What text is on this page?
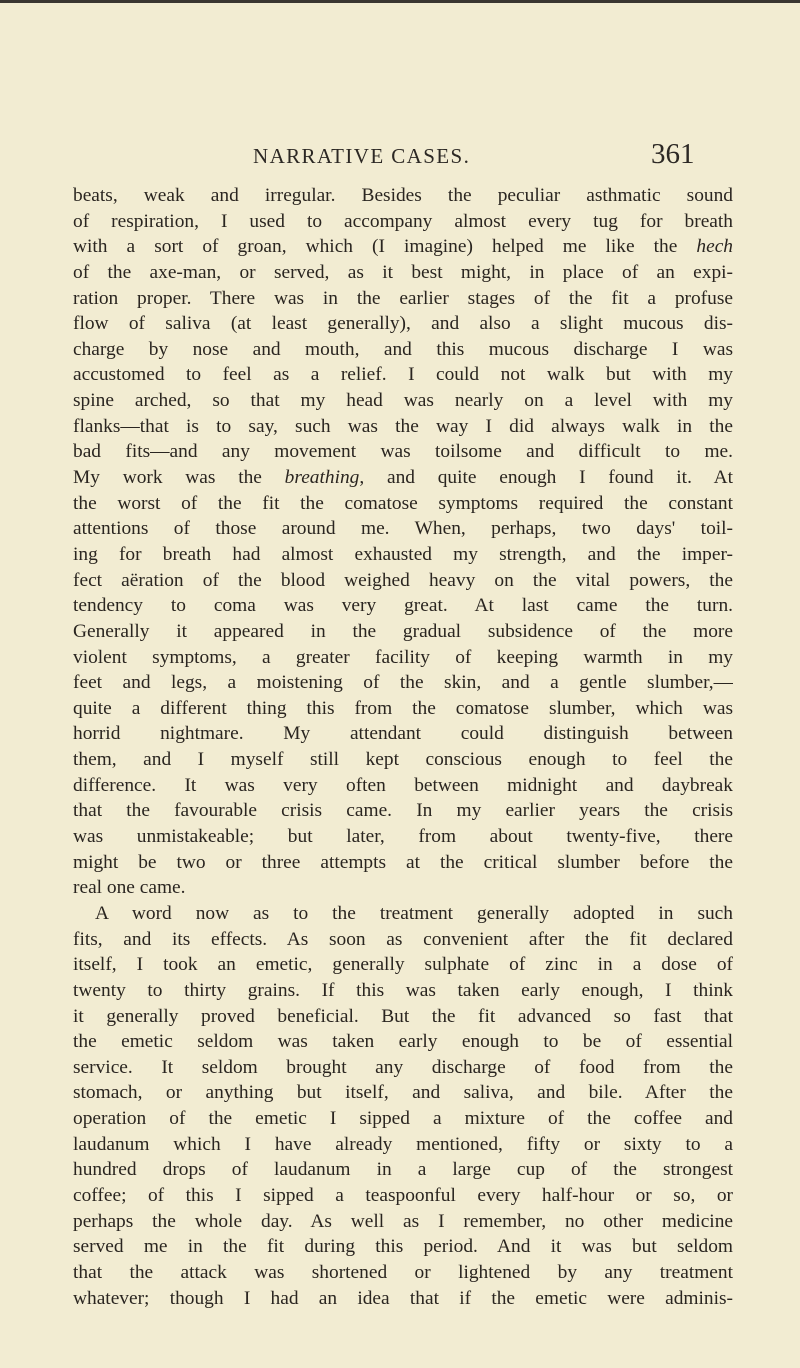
NARRATIVE CASES.	361
beats, weak and irregular. Besides the peculiar asthmatic sound
of respiration, I used to accompany almost every tug for breath
with a sort of groan, which (I imagine) helped me like the hech
of the axe-man, or served, as it best might, in place of an expi-
ration proper. There was in the earlier stages of the fit a profuse
flow of saliva (at least generally), and also a slight mucous dis-
charge by nose and mouth, and this mucous discharge I was
accustomed to feel as a relief. I could not walk but with my
spine arched, so that my head was nearly on a level with my
flanks—that is to say, such was the way I did always walk in the
bad fits—and any movement was toilsome and difficult to me.
My work was the breathing, and quite enough I found it. At
the worst of the fit the comatose symptoms required the constant
attentions of those around me. When, perhaps, two days' toil-
ing for breath had almost exhausted my strength, and the imper-
fect aëration of the blood weighed heavy on the vital powers, the
tendency to coma was very great. At last came the turn.
Generally it appeared in the gradual subsidence of the more
violent symptoms, a greater facility of keeping warmth in my
feet and legs, a moistening of the skin, and a gentle slumber,—
quite a different thing this from the comatose slumber, which was
horrid nightmare. My attendant could distinguish between
them, and I myself still kept conscious enough to feel the
difference. It was very often between midnight and daybreak
that the favourable crisis came. In my earlier years the crisis
was unmistakeable; but later, from about twenty-five, there
might be two or three attempts at the critical slumber before the
real one came.
A word now as to the treatment generally adopted in such
fits, and its effects. As soon as convenient after the fit declared
itself, I took an emetic, generally sulphate of zinc in a dose of
twenty to thirty grains. If this was taken early enough, I think
it generally proved beneficial. But the fit advanced so fast that
the emetic seldom was taken early enough to be of essential
service. It seldom brought any discharge of food from the
stomach, or anything but itself, and saliva, and bile. After the
operation of the emetic I sipped a mixture of the coffee and
laudanum which I have already mentioned, fifty or sixty to a
hundred drops of laudanum in a large cup of the strongest
coffee; of this I sipped a teaspoonful every half-hour or so, or
perhaps the whole day. As well as I remember, no other medicine
served me in the fit during this period. And it was but seldom
that the attack was shortened or lightened by any treatment
whatever; though I had an idea that if the emetic were adminis-
